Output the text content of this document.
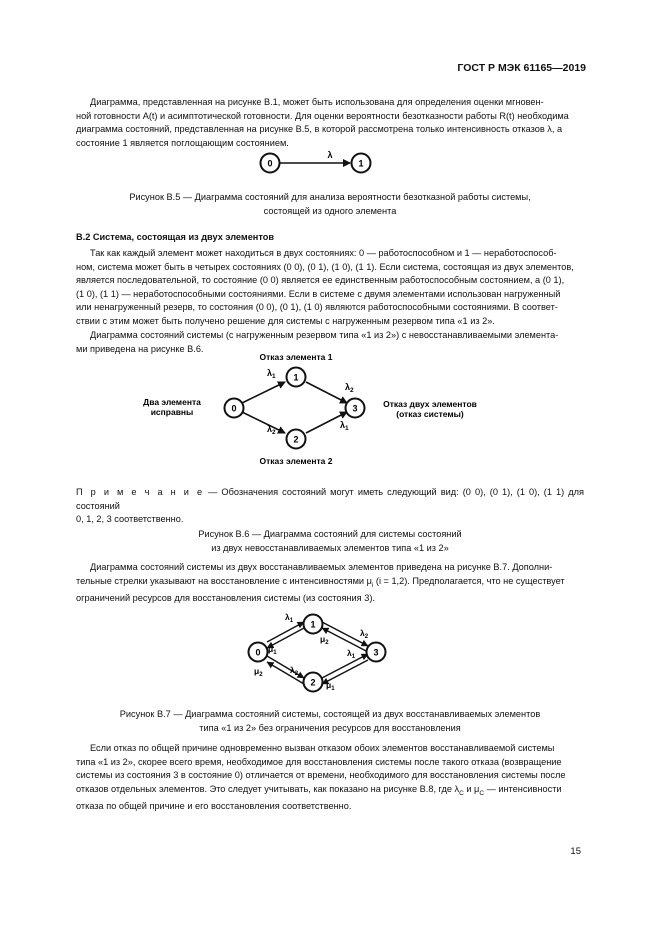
ГОСТ Р МЭК 61165—2019
Диаграмма, представленная на рисунке В.1, может быть использована для определения оценки мгновен-
ной готовности A(t) и асимптотической готовности. Для оценки вероятности безотказности работы R(t) необходима
диаграмма состояний, представленная на рисунке В.5, в которой рассмотрена только интенсивность отказов λ, а
состояние 1 является поглощающим состоянием.
0	1
λ
Рисунок В.5 — Диаграмма состояний для анализа вероятности безотказной работы системы,
состоящей из одного элемента
В.2 Система, состоящая из двух элементов
Так как каждый элемент может находиться в двух состояниях: 0 — работоспособном и 1 — неработоспособ-
ном, система может быть в четырех состояниях (0 0), (0 1), (1 0), (1 1). Если система, состоящая из двух элементов,
является последовательной, то состояние (0 0) является ее единственным работоспособным состоянием, а (0 1),
(1 0), (1 1) — неработоспособными состояниями. Если в системе с двумя элементами использован нагруженный
или ненагруженный резерв, то состояния (0 0), (0 1), (1 0) являются работоспособными состояниями. В соответ-
ствии с этим может быть получено решение для системы с нагруженным резервом типа «1 из 2».
Диаграмма состояний системы (с нагруженным резервом типа «1 из 2») с невосстанавливаемыми элемента-
ми приведена на рисунке В.6.
Отказ элемента 1
Отказ элемента 2
Два элемента
исправны
Отказ двух элементов
(отказ системы)
0
1
2
3
$\lambda_1$
$\lambda_2$
$\lambda_2$
$\lambda_1$
П р и м е ч а н и е — Обозначения состояний могут иметь следующий вид: (0 0), (0 1), (1 0), (1 1) для состояний
0, 1, 2, 3 соответственно.
Рисунок В.6 — Диаграмма состояний для системы состояний
из двух невосстанавливаемых элементов типа «1 из 2»
Диаграмма состояний системы из двух восстанавливаемых элементов приведена на рисунке В.7. Дополни-
тельные стрелки указывают на восстановление с интенсивностями $\mu_i$ (i = 1,2). Предполагается, что не существует
ограничений ресурсов для восстановления системы (из состояния 3).
0
1
2
3
$\lambda_1$
$\mu_1$
$\mu_2$
$\lambda_2$
$\lambda_1$
$\lambda_2$
$\mu_2$
$\mu_1$
Рисунок В.7 — Диаграмма состояний системы, состоящей из двух восстанавливаемых элементов
типа «1 из 2» без ограничения ресурсов для восстановления
Если отказ по общей причине одновременно вызван отказом обоих элементов восстанавливаемой системы
типа «1 из 2», скорее всего время, необходимое для восстановления системы после такого отказа (возвращение
системы из состояния 3 в состояние 0) отличается от времени, необходимого для восстановления системы после
отказов отдельных элементов. Это следует учитывать, как показано на рисунке В.8, где $\lambda_C$ и $\mu_C$ — интенсивности
отказа по общей причине и его восстановления соответственно.
15
